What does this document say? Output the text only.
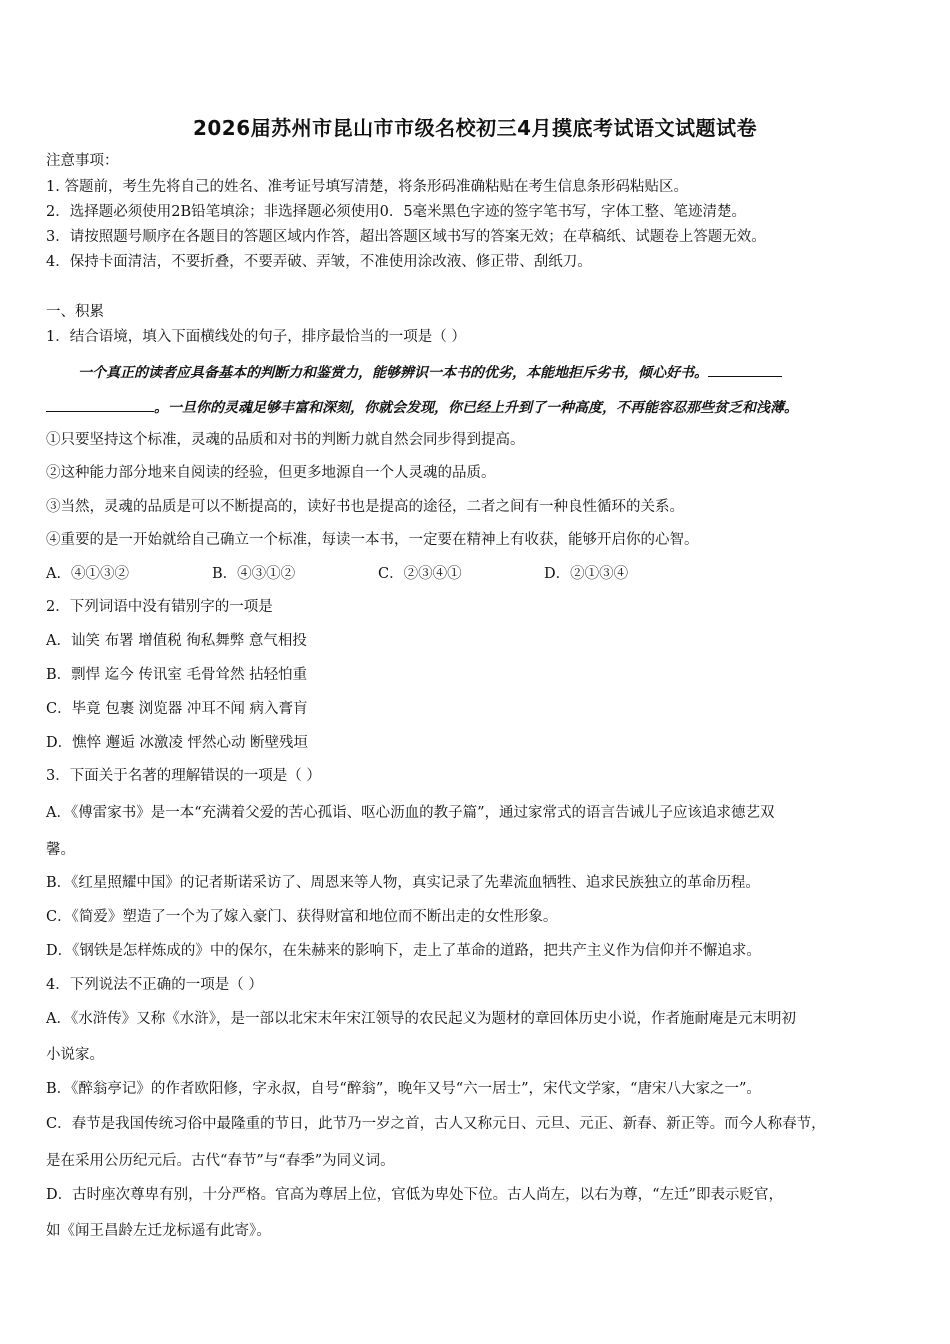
2026届苏州市昆山市市级名校初三4月摸底考试语文试题试卷
注意事项：
1. 答题前，考生先将自己的姓名、准考证号填写清楚，将条形码准确粘贴在考生信息条形码粘贴区。
2．选择题必须使用2B铅笔填涂；非选择题必须使用0．5毫米黑色字迹的签字笔书写，字体工整、笔迹清楚。
3．请按照题号顺序在各题目的答题区域内作答，超出答题区域书写的答案无效；在草稿纸、试题卷上答题无效。
4．保持卡面清洁，不要折叠，不要弄破、弄皱，不准使用涂改液、修正带、刮纸刀。
一、积累
1．结合语境，填入下面横线处的句子，排序最恰当的一项是（ ）
一个真正的读者应具备基本的判断力和鉴赏力，能够辨识一本书的优劣，本能地拒斥劣书，倾心好书。
。一旦你的灵魂足够丰富和深刻，你就会发现，你已经上升到了一种高度，不再能容忍那些贫乏和浅薄。
①只要坚持这个标准，灵魂的品质和对书的判断力就自然会同步得到提高。
②这种能力部分地来自阅读的经验，但更多地源自一个人灵魂的品质。
③当然，灵魂的品质是可以不断提高的，读好书也是提高的途径，二者之间有一种良性循环的关系。
④重要的是一开始就给自己确立一个标准，每读一本书，一定要在精神上有收获，能够开启你的心智。
A．④①③②	B．④③①②	C．②③④①	D．②①③④
2．下列词语中没有错别字的一项是
A．讪笑 布署 增值税 徇私舞弊 意气相投
B．剽悍 迄今 传讯室 毛骨耸然 拈轻怕重
C．毕竟 包裹 浏览器 冲耳不闻 病入膏肓
D．憔悴 邂逅 冰激凌 怦然心动 断壁残垣
3．下面关于名著的理解错误的一项是（ ）
A．《傅雷家书》是一本“充满着父爱的苦心孤诣、呕心沥血的教子篇”，通过家常式的语言告诫儿子应该追求德艺双
馨。
B．《红星照耀中国》的记者斯诺采访了、周恩来等人物，真实记录了先辈流血牺牲、追求民族独立的革命历程。
C．《简爱》塑造了一个为了嫁入豪门、获得财富和地位而不断出走的女性形象。
D．《钢铁是怎样炼成的》中的保尔，在朱赫来的影响下，走上了革命的道路，把共产主义作为信仰并不懈追求。
4．下列说法不正确的一项是（ ）
A．《水浒传》又称《水浒》，是一部以北宋末年宋江领导的农民起义为题材的章回体历史小说，作者施耐庵是元末明初
小说家。
B．《醉翁亭记》的作者欧阳修，字永叔，自号“醉翁”，晚年又号“六一居士”，宋代文学家，“唐宋八大家之一”。
C．春节是我国传统习俗中最隆重的节日，此节乃一岁之首，古人又称元日、元旦、元正、新春、新正等。而今人称春节，
是在采用公历纪元后。古代“春节”与“春季”为同义词。
D．古时座次尊卑有别，十分严格。官高为尊居上位，官低为卑处下位。古人尚左，以右为尊，“左迁”即表示贬官，
如《闻王昌龄左迁龙标遥有此寄》。
